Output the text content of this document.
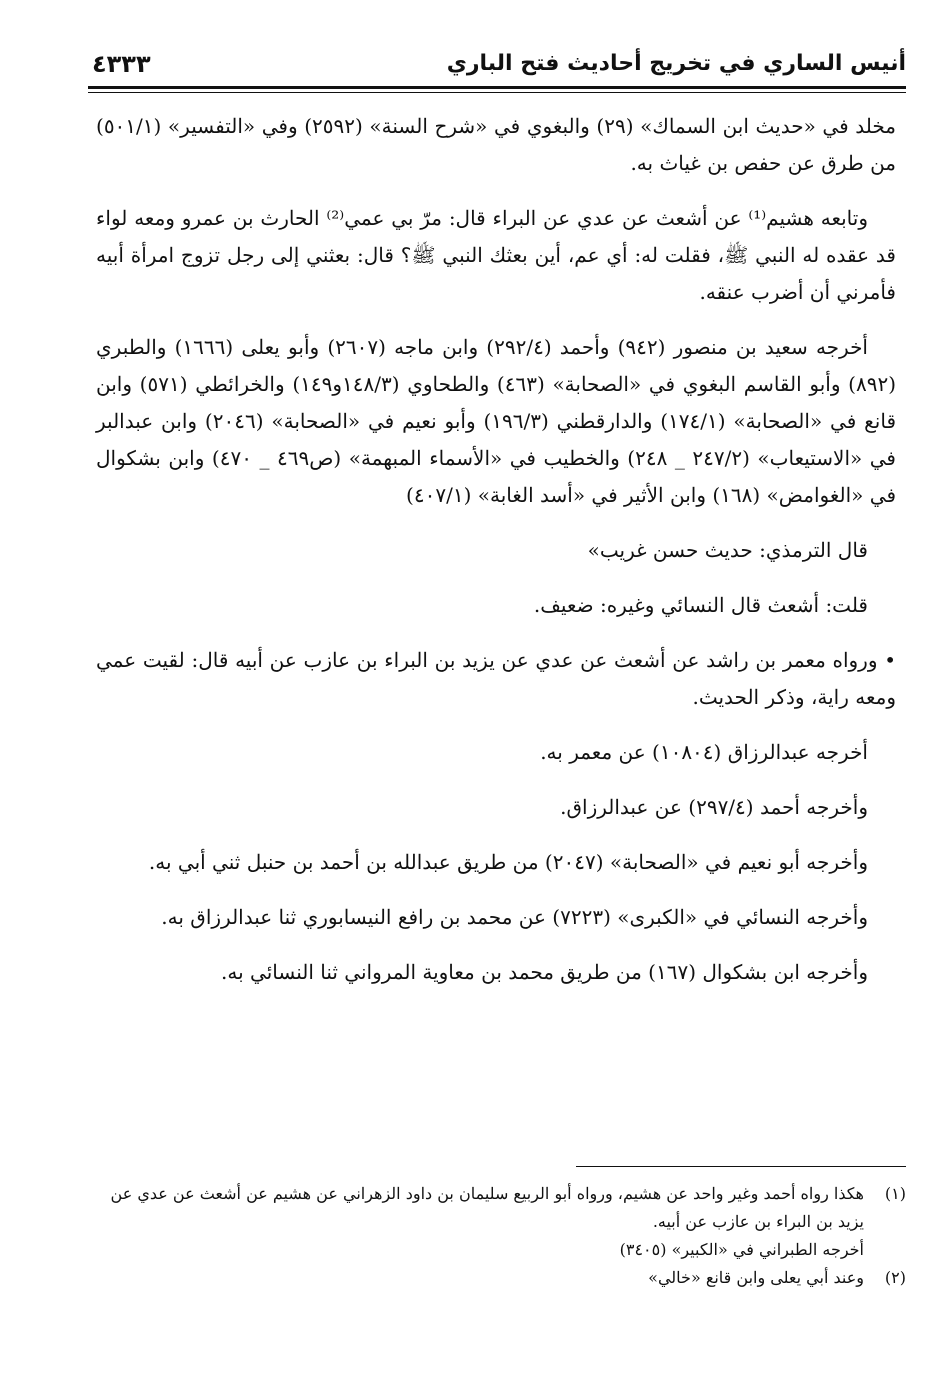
أنيس الساري في تخريج أحاديث فتح الباري
٤٣٣٣

مخلد في «حديث ابن السماك» (٢٩) والبغوي في «شرح السنة» (٢٥٩٢) وفي «التفسير» (٥٠١/١) من طرق عن حفص بن غياث به.

وتابعه هشيم⁽¹⁾ عن أشعث عن عدي عن البراء قال: مرّ بي عمي⁽²⁾ الحارث بن عمرو ومعه لواء قد عقده له النبي ﷺ، فقلت له: أي عم، أين بعثك النبي ﷺ؟ قال: بعثني إلى رجل تزوج امرأة أبيه فأمرني أن أضرب عنقه.

أخرجه سعيد بن منصور (٩٤٢) وأحمد (٢٩٢/٤) وابن ماجه (٢٦٠٧) وأبو يعلى (١٦٦٦) والطبري (٨٩٢) وأبو القاسم البغوي في «الصحابة» (٤٦٣) والطحاوي (١٤٨/٣و١٤٩) والخرائطي (٥٧١) وابن قانع في «الصحابة» (١٧٤/١) والدارقطني (١٩٦/٣) وأبو نعيم في «الصحابة» (٢٠٤٦) وابن عبدالبر في «الاستيعاب» (٢٤٧/٢ _ ٢٤٨) والخطيب في «الأسماء المبهمة» (ص٤٦٩ _ ٤٧٠) وابن بشكوال في «الغوامض» (١٦٨) وابن الأثير في «أسد الغابة» (٤٠٧/١)

قال الترمذي: حديث حسن غريب»

قلت: أشعث قال النسائي وغيره: ضعيف.

• ورواه معمر بن راشد عن أشعث عن عدي عن يزيد بن البراء بن عازب عن أبيه قال: لقيت عمي ومعه راية، وذكر الحديث.

أخرجه عبدالرزاق (١٠٨٠٤) عن معمر به.

وأخرجه أحمد (٢٩٧/٤) عن عبدالرزاق.

وأخرجه أبو نعيم في «الصحابة» (٢٠٤٧) من طريق عبدالله بن أحمد بن حنبل ثني أبي به.

وأخرجه النسائي في «الكبرى» (٧٢٢٣) عن محمد بن رافع النيسابوري ثنا عبدالرزاق به.

وأخرجه ابن بشكوال (١٦٧) من طريق محمد بن معاوية المرواني ثنا النسائي به.

(١)
هكذا رواه أحمد وغير واحد عن هشيم، ورواه أبو الربيع سليمان بن داود الزهراني عن هشيم عن أشعث عن عدي عن يزيد بن البراء بن عازب عن أبيه.
أخرجه الطبراني في «الكبير» (٣٤٠٥)
(٢)
وعند أبي يعلى وابن قانع «خالي»
